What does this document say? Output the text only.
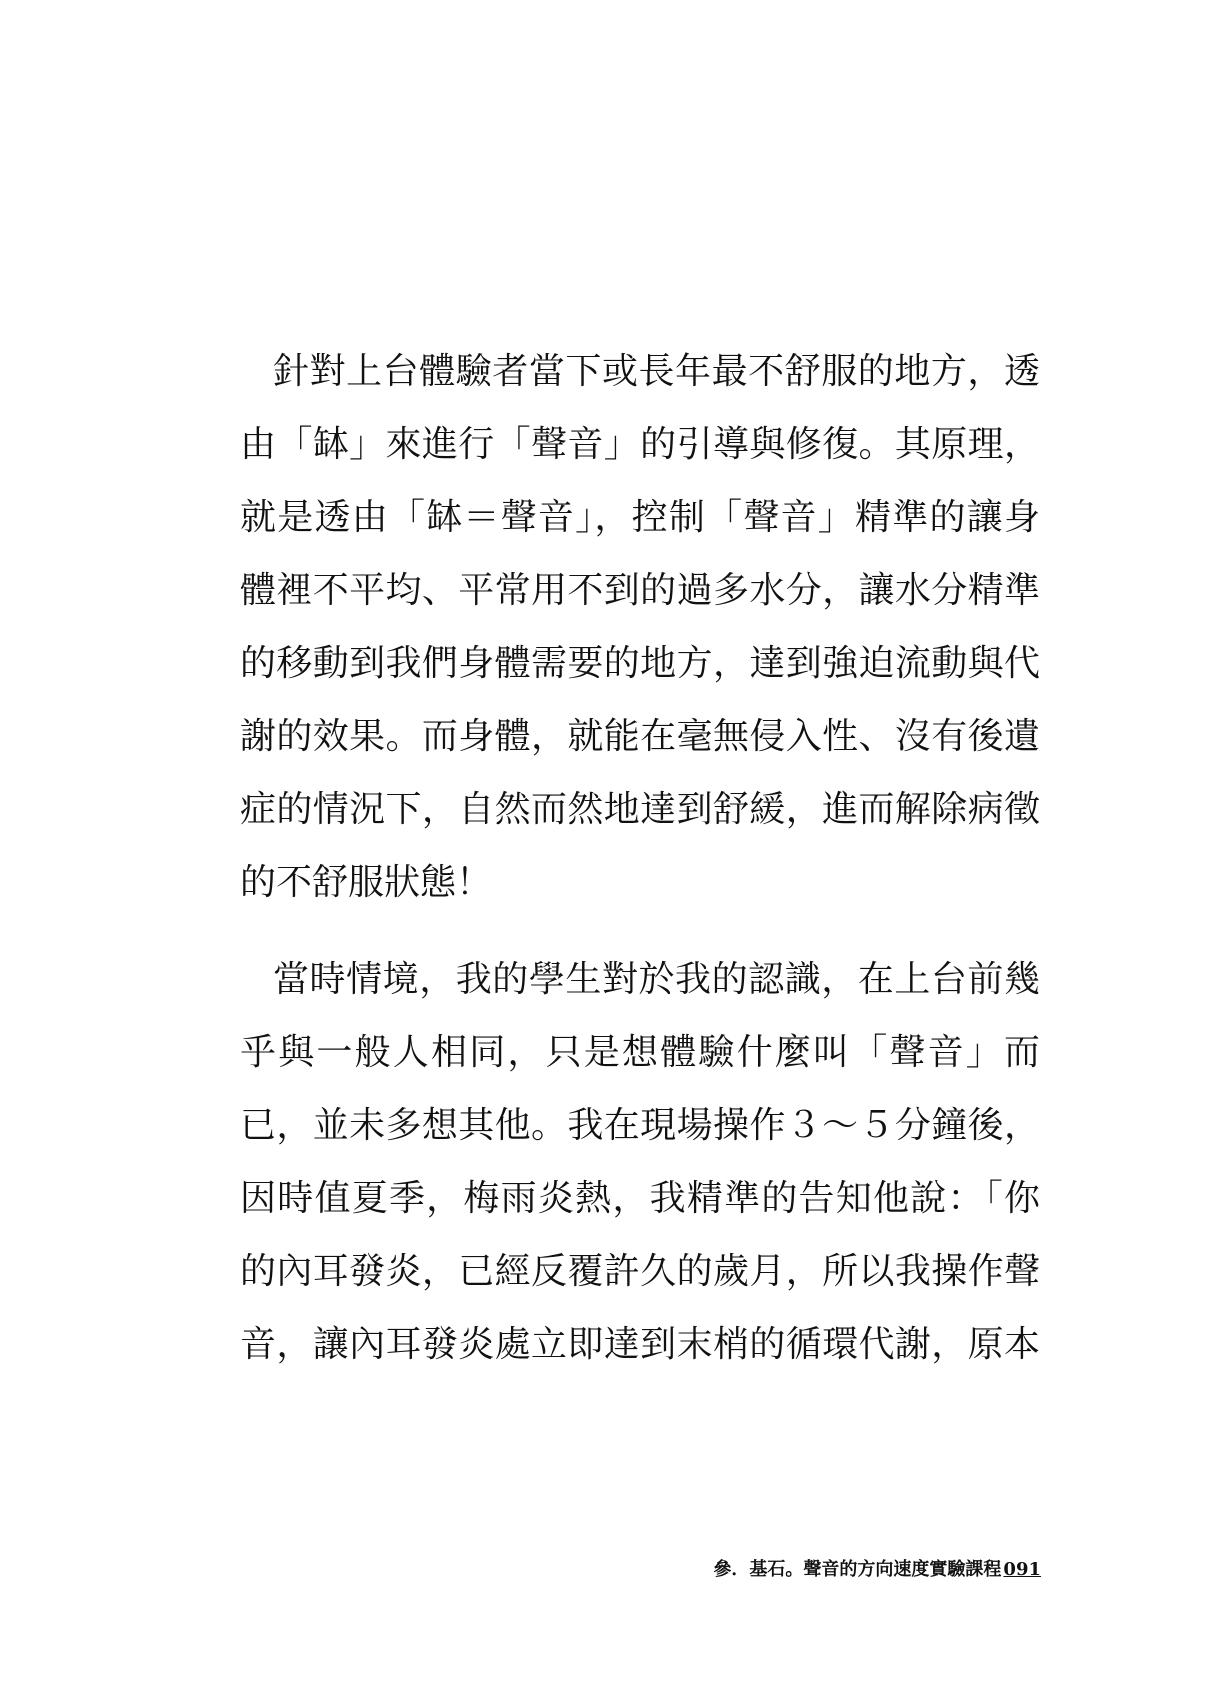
針對上台體驗者當下或長年最不舒服的地方，透
由「缽」來進行「聲音」的引導與修復。其原理，
就是透由「缽＝聲音」，控制「聲音」精準的讓身
體裡不平均、平常用不到的過多水分，讓水分精準
的移動到我們身體需要的地方，達到強迫流動與代
謝的效果。而身體，就能在毫無侵入性、沒有後遺
症的情況下，自然而然地達到舒緩，進而解除病徵
的不舒服狀態！
當時情境，我的學生對於我的認識，在上台前幾
乎與一般人相同，只是想體驗什麼叫「聲音」而
已，並未多想其他。我在現場操作３～５分鐘後，
因時值夏季，梅雨炎熱，我精準的告知他說：「你
的內耳發炎，已經反覆許久的歲月，所以我操作聲
音，讓內耳發炎處立即達到末梢的循環代謝，原本
參．基石。聲音的方向速度實驗課程 091
